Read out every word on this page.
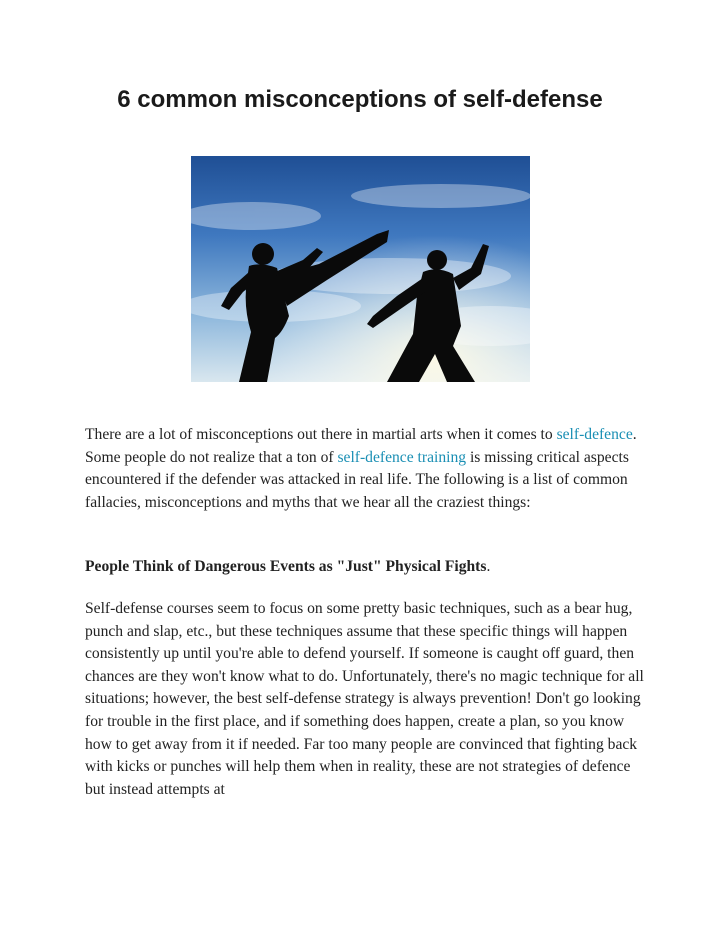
6 common misconceptions of self-defense

There are a lot of misconceptions out there in martial arts when it comes to self-defence. Some people do not realize that a ton of self-defence training is missing critical aspects encountered if the defender was attacked in real life. The following is a list of common fallacies, misconceptions and myths that we hear all the craziest things:

People Think of Dangerous Events as "Just" Physical Fights.

Self-defense courses seem to focus on some pretty basic techniques, such as a bear hug, punch and slap, etc., but these techniques assume that these specific things will happen consistently up until you're able to defend yourself. If someone is caught off guard, then chances are they won't know what to do. Unfortunately, there's no magic technique for all situations; however, the best self-defense strategy is always prevention! Don't go looking for trouble in the first place, and if something does happen, create a plan, so you know how to get away from it if needed. Far too many people are convinced that fighting back with kicks or punches will help them when in reality, these are not strategies of defence but instead attempts at
